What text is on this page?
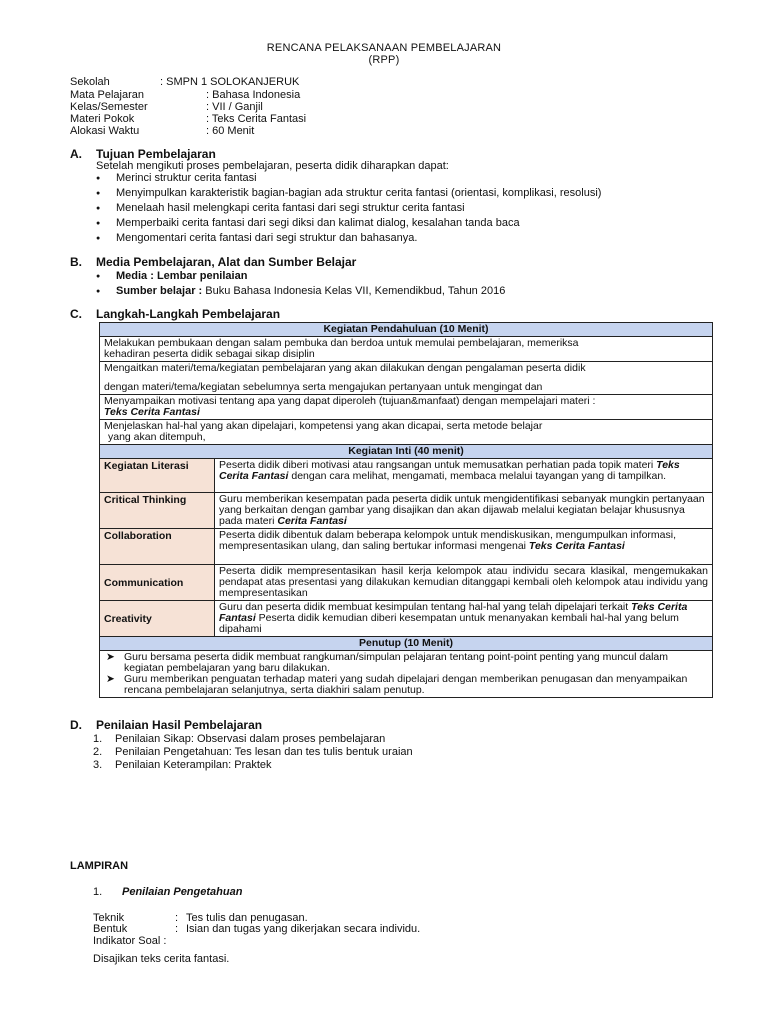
RENCANA PELAKSANAAN PEMBELAJARAN
(RPP)
Sekolah	: SMPN 1 SOLOKANJERUK
Mata Pelajaran	: Bahasa Indonesia
Kelas/Semester	: VII / Ganjil
Materi Pokok	: Teks Cerita Fantasi
Alokasi Waktu	: 60 Menit
A. Tujuan Pembelajaran
Setelah mengikuti proses pembelajaran, peserta didik diharapkan dapat:
● Merinci struktur cerita fantasi
● Menyimpulkan karakteristik bagian-bagian ada struktur cerita fantasi (orientasi, komplikasi, resolusi)
● Menelaah hasil melengkapi cerita fantasi dari segi struktur cerita fantasi
● Memperbaiki cerita fantasi dari segi diksi dan kalimat dialog, kesalahan tanda baca
● Mengomentari cerita fantasi dari segi struktur dan bahasanya.
B. Media Pembelajaran, Alat dan Sumber Belajar
● Media : Lembar penilaian
● Sumber belajar : Buku Bahasa Indonesia Kelas VII, Kemendikbud, Tahun 2016
C. Langkah-Langkah Pembelajaran
Kegiatan Pendahuluan (10 Menit)	

Melakukan pembukaan dengan salam pembuka dan berdoa untuk memulai pembelajaran, memeriksa
kehadiran peserta didik sebagai sikap disiplin	

Mengaitkan materi/tema/kegiatan pembelajaran yang akan dilakukan dengan pengalaman peserta didik
dengan materi/tema/kegiatan sebelumnya serta mengajukan pertanyaan untuk mengingat dan	

Menyampaikan motivasi tentang apa yang dapat diperoleh (tujuan&manfaat) dengan mempelajari materi :
Teks Cerita Fantasi	

Menjelaskan hal-hal yang akan dipelajari, kompetensi yang akan dicapai, serta metode belajar
yang akan ditempuh,	

Kegiatan Inti (40 menit)	
Kegiatan Literasi	Peserta didik diberi motivasi atau rangsangan untuk memusatkan perhatian pada topik materi Teks Cerita Fantasi dengan cara melihat, mengamati, membaca melalui tayangan yang di tampilkan.
Critical Thinking	Guru memberikan kesempatan pada peserta didik untuk mengidentifikasi sebanyak mungkin pertanyaan yang berkaitan dengan gambar yang disajikan dan akan dijawab melalui kegiatan belajar khususnya pada materi Cerita Fantasi
Collaboration	Peserta didik dibentuk dalam beberapa kelompok untuk mendiskusikan, mengumpulkan informasi, mempresentasikan ulang, dan saling bertukar informasi mengenai Teks Cerita Fantasi
Communication	Peserta didik mempresentasikan hasil kerja kelompok atau individu secara klasikal, mengemukakan pendapat atas presentasi yang dilakukan kemudian ditanggapi kembali oleh kelompok atau individu yang mempresentasikan
Creativity	Guru dan peserta didik membuat kesimpulan tentang hal-hal yang telah dipelajari terkait Teks Cerita Fantasi Peserta didik kemudian diberi kesempatan untuk menanyakan kembali hal-hal yang belum dipahami
Penutup (10 Menit)	

➤ Guru bersama peserta didik membuat rangkuman/simpulan pelajaran tentang point-point penting yang muncul dalam kegiatan pembelajaran yang baru dilakukan.
➤ Guru memberikan penguatan terhadap materi yang sudah dipelajari dengan memberikan penugasan dan menyampaikan rencana pembelajaran selanjutnya, serta diakhiri salam penutup.	
D. Penilaian Hasil Pembelajaran
1. Penilaian Sikap: Observasi dalam proses pembelajaran
2. Penilaian Pengetahuan: Tes lesan dan tes tulis bentuk uraian
3. Penilaian Keterampilan: Praktek
LAMPIRAN
1. Penilaian Pengetahuan
Teknik	: Tes tulis dan penugasan.
Bentuk	: Isian dan tugas yang dikerjakan secara individu.
Indikator Soal :
Disajikan teks cerita fantasi.
